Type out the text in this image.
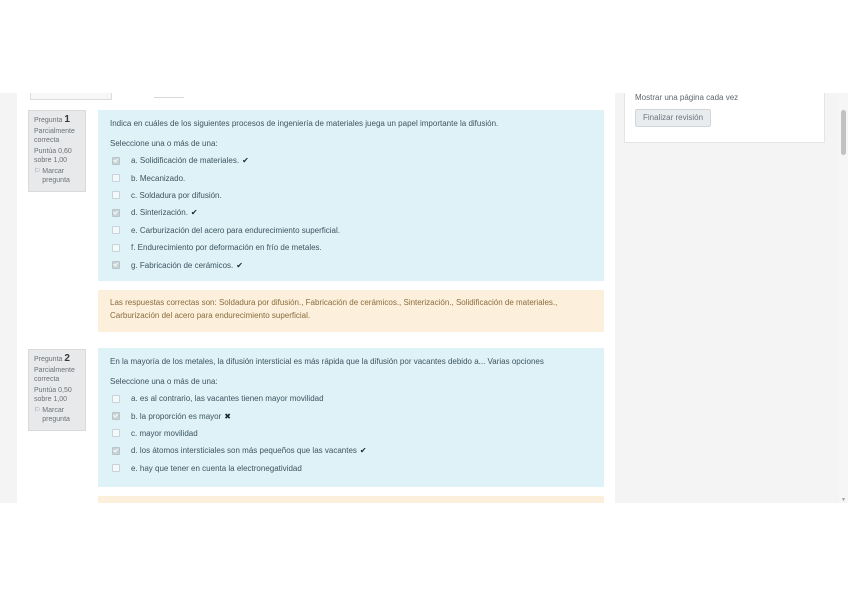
Pregunta 1
Parcialmente correcta
Puntúa 0,60 sobre 1,00
⚐ Marcar pregunta
Indica en cuáles de los siguientes procesos de ingeniería de materiales juega un papel importante la difusión.
Seleccione una o más de una:
a. Solidificación de materiales. ✔
b. Mecanizado.
c. Soldadura por difusión.
d. Sinterización. ✔
e. Carburización del acero para endurecimiento superficial.
f. Endurecimiento por deformación en frío de metales.
g. Fabricación de cerámicos. ✔
Las respuestas correctas son: Soldadura por difusión., Fabricación de cerámicos., Sinterización., Solidificación de materiales., Carburización del acero para endurecimiento superficial.
Pregunta 2
Parcialmente correcta
Puntúa 0,50 sobre 1,00
⚐ Marcar pregunta
En la mayoría de los metales, la difusión intersticial es más rápida que la difusión por vacantes debido a... Varias opciones
Seleccione una o más de una:
a. es al contrario, las vacantes tienen mayor movilidad
b. la proporción es mayor ✖
c. mayor movilidad
d. los átomos intersticiales son más pequeños que las vacantes ✔
e. hay que tener en cuenta la electronegatividad
Mostrar una página cada vez
Finalizar revisión
▼
